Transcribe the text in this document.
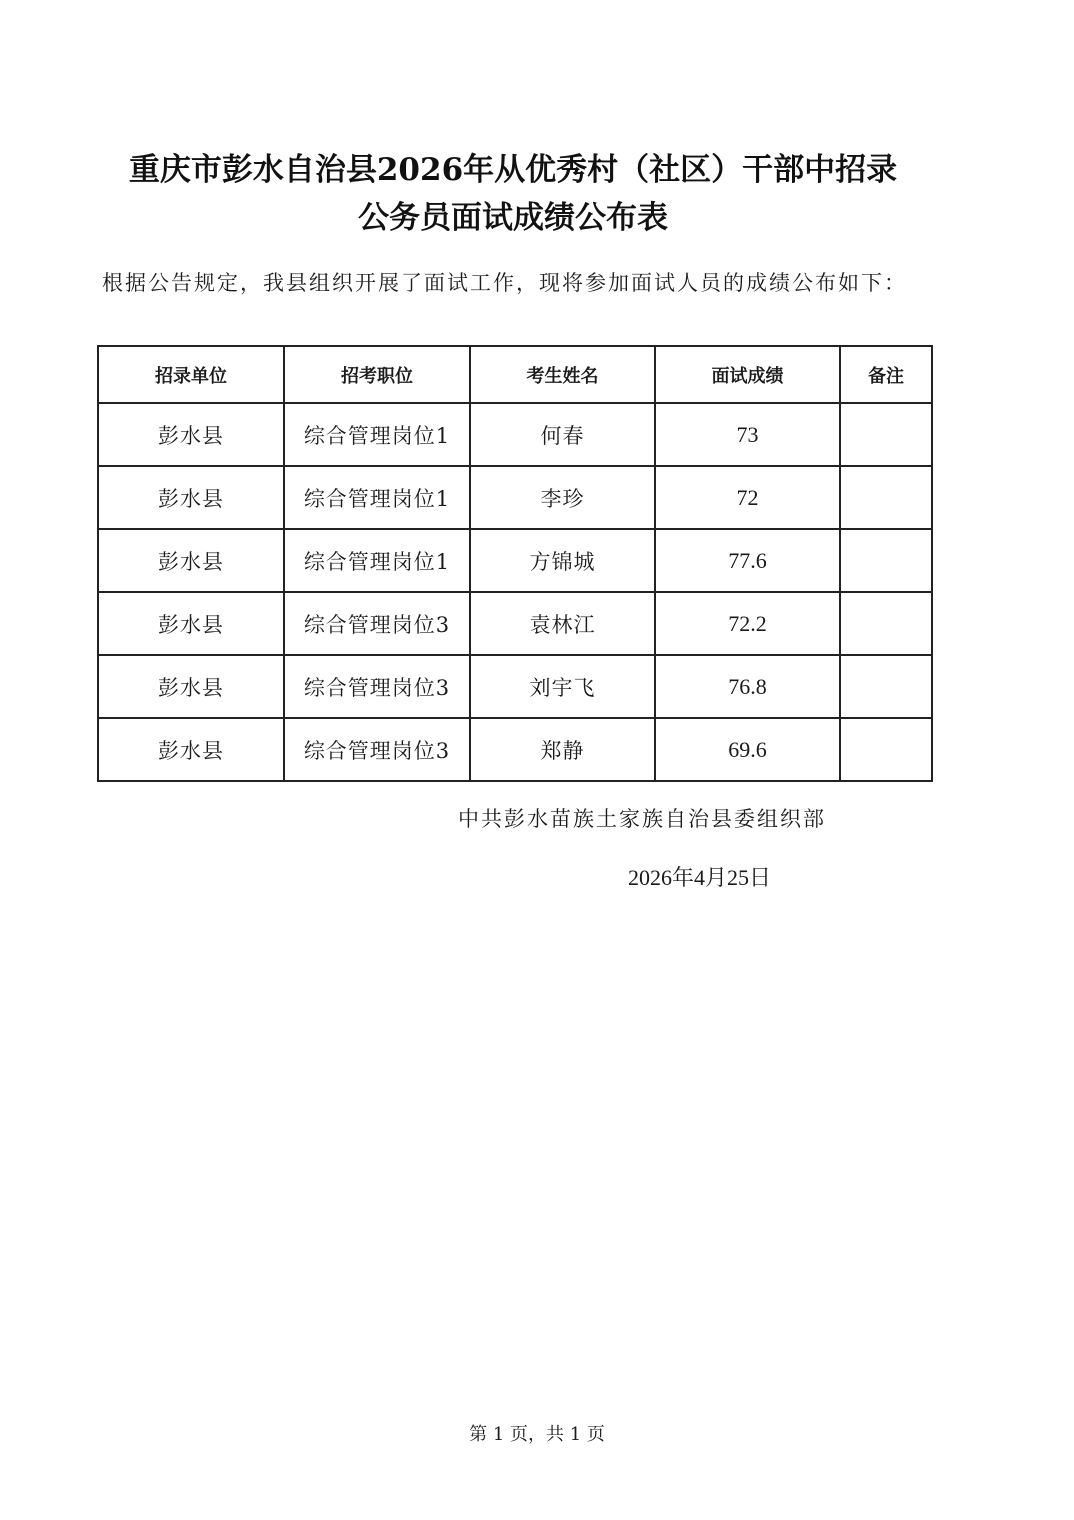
重庆市彭水自治县2026年从优秀村（社区）干部中招录
公务员面试成绩公布表

根据公告规定，我县组织开展了面试工作，现将参加面试人员的成绩公布如下：

招录单位	招考职位	考生姓名	面试成绩	备注
彭水县	综合管理岗位1	何春	73	
彭水县	综合管理岗位1	李珍	72	
彭水县	综合管理岗位1	方锦城	77.6	
彭水县	综合管理岗位3	袁林江	72.2	
彭水县	综合管理岗位3	刘宇飞	76.8	
彭水县	综合管理岗位3	郑静	69.6	

中共彭水苗族土家族自治县委组织部

2026年4月25日

第 1 页，共 1 页
